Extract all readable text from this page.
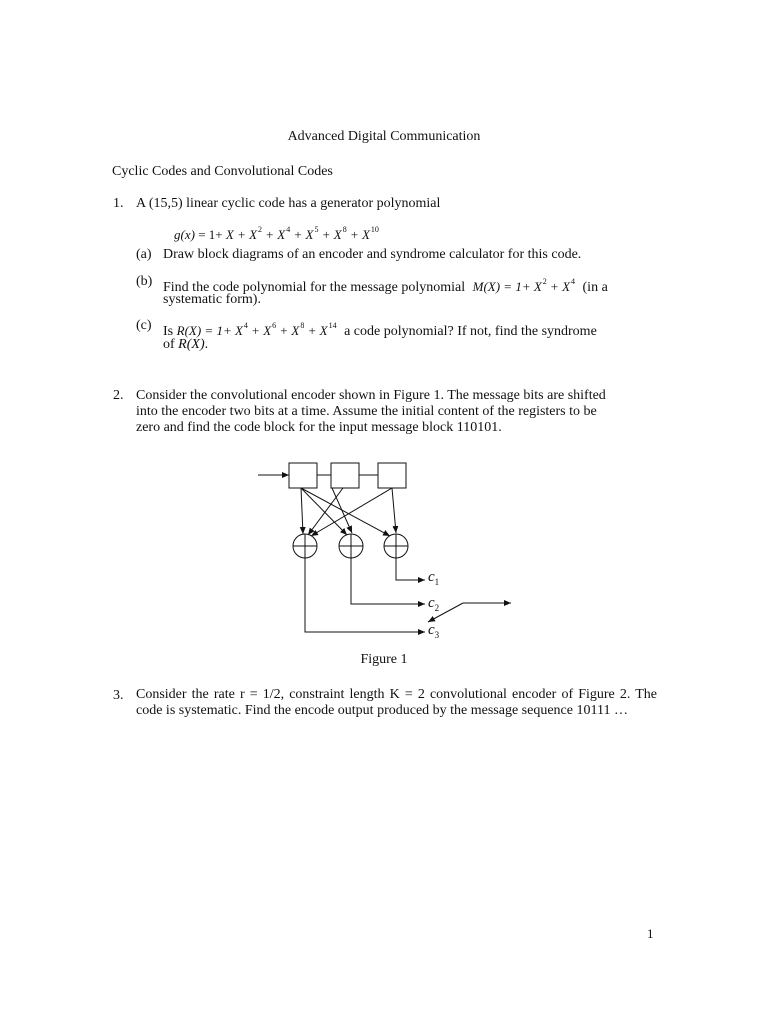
Advanced Digital Communication
Cyclic Codes and Convolutional Codes
1. A (15,5) linear cyclic code has a generator polynomial
$g(x) = 1+ X + X^2 + X^4 + X^5 + X^8 + X^{10}$
(a) Draw block diagrams of an encoder and syndrome calculator for this code.
(b) Find the code polynomial for the message polynomial $M(X) = 1+ X^2 + X^4$ (in a
systematic form).
(c) Is $R(X) = 1+ X^4 + X^6 + X^8 + X^{14}$ a code polynomial? If not, find the syndrome
of R(X).
2. Consider the convolutional encoder shown in Figure 1. The message bits are shifted
into the encoder two bits at a time. Assume the initial content of the registers to be
zero and find the code block for the input message block 110101.
$c_1$
$c_2$
$c_3$
Figure 1
3. Consider the rate r = 1/2, constraint length K = 2 convolutional encoder of Figure 2. The code is systematic. Find the encode output produced by the message sequence 10111 …
1
